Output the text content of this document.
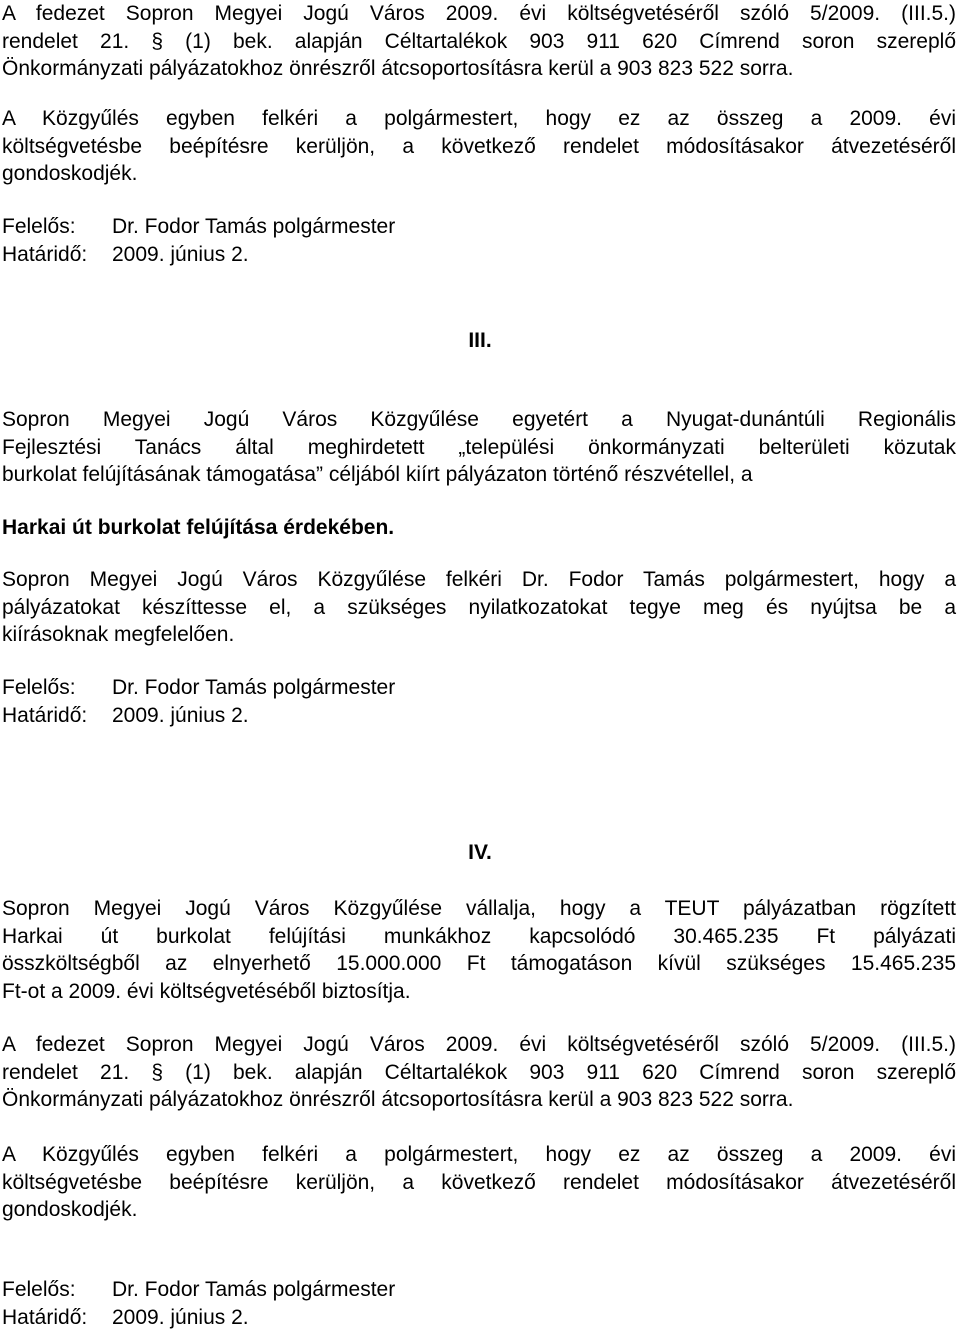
A fedezet Sopron Megyei Jogú Város 2009. évi költségvetéséről szóló 5/2009. (III.5.)
rendelet 21. § (1) bek. alapján Céltartalékok 903 911 620 Címrend soron szereplő
Önkormányzati pályázatokhoz önrészről átcsoportosításra kerül a 903 823 522 sorra.
A Közgyűlés egyben felkéri a polgármestert, hogy ez az összeg a 2009. évi
költségvetésbe beépítésre kerüljön, a következő rendelet módosításakor átvezetéséről
gondoskodjék.
Felelős: Dr. Fodor Tamás polgármester
Határidő: 2009. június 2.
III.
Sopron Megyei Jogú Város Közgyűlése egyetért a Nyugat-dunántúli Regionális
Fejlesztési Tanács által meghirdetett „települési önkormányzati belterületi közutak
burkolat felújításának támogatása” céljából kiírt pályázaton történő részvétellel, a
Harkai út burkolat felújítása érdekében.
Sopron Megyei Jogú Város Közgyűlése felkéri Dr. Fodor Tamás polgármestert, hogy a
pályázatokat készíttesse el, a szükséges nyilatkozatokat tegye meg és nyújtsa be a
kiírásoknak megfelelően.
Felelős: Dr. Fodor Tamás polgármester
Határidő: 2009. június 2.
IV.
Sopron Megyei Jogú Város Közgyűlése vállalja, hogy a TEUT pályázatban rögzített
Harkai út burkolat felújítási munkákhoz kapcsolódó 30.465.235 Ft pályázati
összköltségből az elnyerhető 15.000.000 Ft támogatáson kívül szükséges 15.465.235
Ft-ot a 2009. évi költségvetéséből biztosítja.
A fedezet Sopron Megyei Jogú Város 2009. évi költségvetéséről szóló 5/2009. (III.5.)
rendelet 21. § (1) bek. alapján Céltartalékok 903 911 620 Címrend soron szereplő
Önkormányzati pályázatokhoz önrészről átcsoportosításra kerül a 903 823 522 sorra.
A Közgyűlés egyben felkéri a polgármestert, hogy ez az összeg a 2009. évi
költségvetésbe beépítésre kerüljön, a következő rendelet módosításakor átvezetéséről
gondoskodjék.
Felelős: Dr. Fodor Tamás polgármester
Határidő: 2009. június 2.
